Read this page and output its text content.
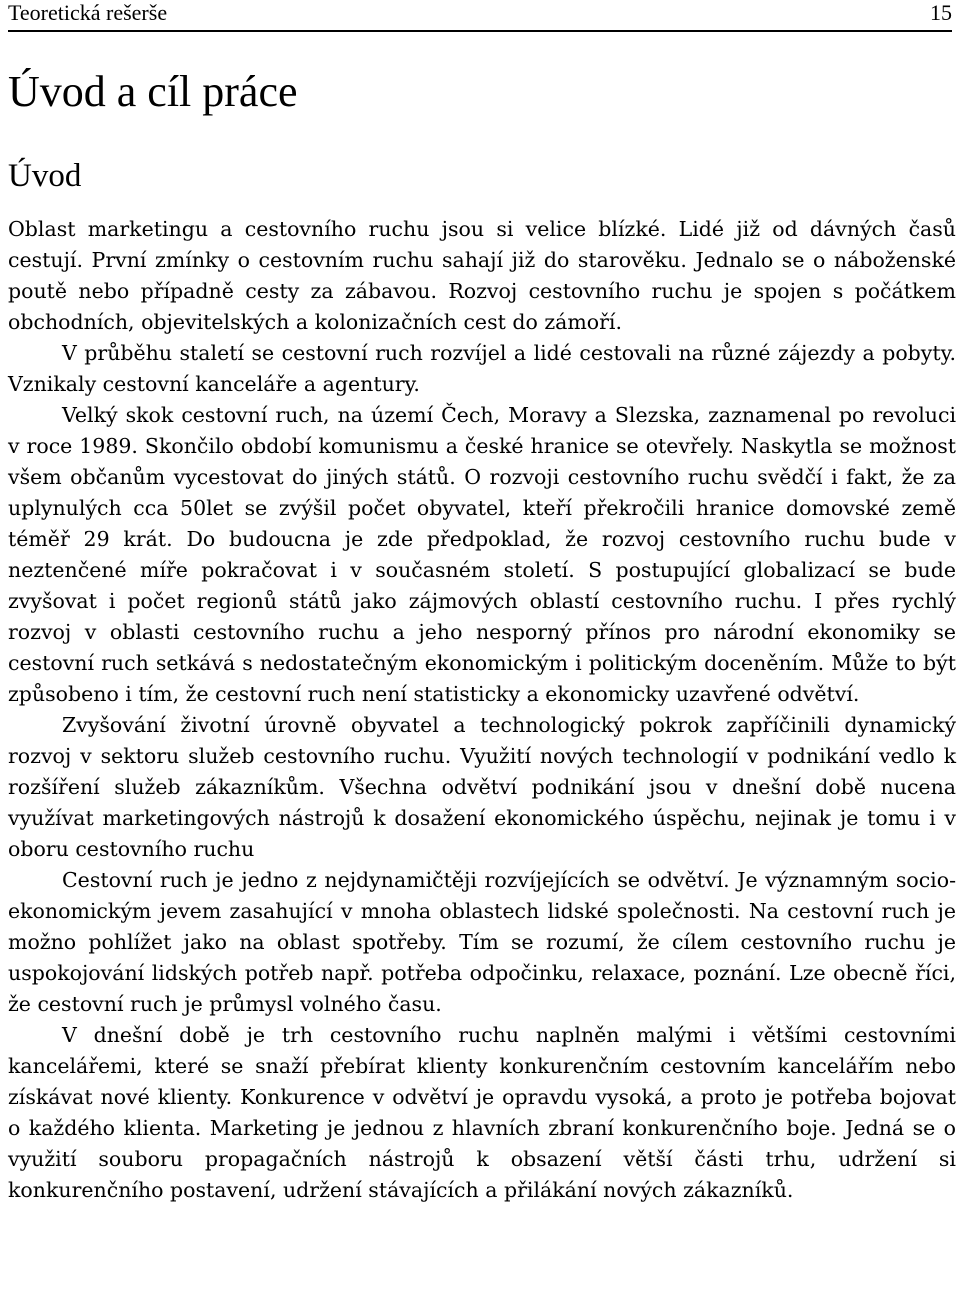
Teoretická rešerše	15
Úvod a cíl práce
Úvod

Oblast marketingu a cestovního ruchu jsou si velice blízké. Lidé již od dávných časů cestují. První zmínky o cestovním ruchu sahají již do starověku. Jednalo se o náboženské poutě nebo případně cesty za zábavou. Rozvoj cestovního ruchu je spojen s počátkem obchodních, objevitelských a kolonizačních cest do zámoří.

V průběhu staletí se cestovní ruch rozvíjel a lidé cestovali na různé zájezdy a pobyty. Vznikaly cestovní kanceláře a agentury.

Velký skok cestovní ruch, na území Čech, Moravy a Slezska, zaznamenal po revoluci v roce 1989. Skončilo období komunismu a české hranice se otevřely. Naskytla se možnost všem občanům vycestovat do jiných států. O rozvoji cestovního ruchu svědčí i fakt, že za uplynulých cca 50let se zvýšil počet obyvatel, kteří překročili hranice domovské země téměř 29 krát. Do budoucna je zde předpoklad, že rozvoj cestovního ruchu bude v neztenčené míře pokračovat i v současném století. S postupující globalizací se bude zvyšovat i počet regionů států jako zájmových oblastí cestovního ruchu. I přes rychlý rozvoj v oblasti cestovního ruchu a jeho nesporný přínos pro národní ekonomiky se cestovní ruch setkává s nedostatečným ekonomickým i politickým doceněním. Může to být způsobeno i tím, že cestovní ruch není statisticky a ekonomicky uzavřené odvětví.

Zvyšování životní úrovně obyvatel a technologický pokrok zapříčinili dynamický rozvoj v sektoru služeb cestovního ruchu. Využití nových technologií v podnikání vedlo k rozšíření služeb zákazníkům. Všechna odvětví podnikání jsou v dnešní době nucena využívat marketingových nástrojů k dosažení ekonomického úspěchu, nejinak je tomu i v oboru cestovního ruchu

Cestovní ruch je jedno z nejdynamičtěji rozvíjejících se odvětví. Je významným socio-ekonomickým jevem zasahující v mnoha oblastech lidské společnosti. Na cestovní ruch je možno pohlížet jako na oblast spotřeby. Tím se rozumí, že cílem cestovního ruchu je uspokojování lidských potřeb např. potřeba odpočinku, relaxace, poznání. Lze obecně říci, že cestovní ruch je průmysl volného času.

V dnešní době je trh cestovního ruchu naplněn malými i většími cestovními kancelářemi, které se snaží přebírat klienty konkurenčním cestovním kancelářím nebo získávat nové klienty. Konkurence v odvětví je opravdu vysoká, a proto je potřeba bojovat o každého klienta. Marketing je jednou z hlavních zbraní konkurenčního boje. Jedná se o využití souboru propagačních nástrojů k obsazení větší části trhu, udržení si konkurenčního postavení, udržení stávajících a přilákání nových zákazníků.
